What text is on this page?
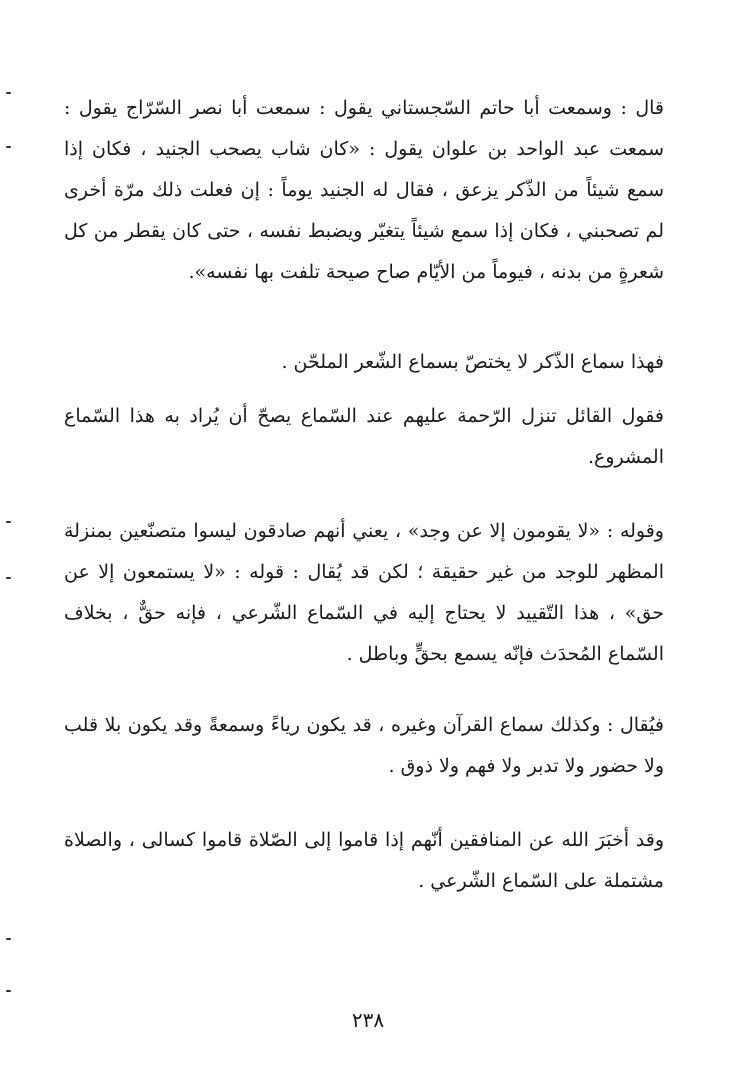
قال : وسمعت أبا حاتم السّجستاني يقول : سمعت أبا نصر السّرّاج يقول : سمعت عبد الواحد بن علوان يقول : «كان شاب يصحب الجنيد ، فكان إذا سمع شيئاً من الذّكر يزعق ، فقال له الجنيد يوماً : إن فعلت ذلك مرّة أخرى لم تصحبني ، فكان إذا سمع شيئاً يتغيّر ويضبط نفسه ، حتى كان يقطر من كل شعرةٍ من بدنه ، فيوماً من الأيّام صاح صيحة تلفت بها نفسه».

فهذا سماع الذّكر لا يختصّ بسماع الشّعر الملحّن .

فقول القائل تنزل الرّحمة عليهم عند السّماع يصحّ أن يُراد به هذا السّماع المشروع.

وقوله : «لا يقومون إلا عن وجد» ، يعني أنهم صادقون ليسوا متصنّعين بمنزلة المظهر للوجد من غير حقيقة ؛ لكن قد يُقال : قوله : «لا يستمعون إلا عن حق» ، هذا التّقييد لا يحتاج إليه في السّماع الشّرعي ، فإنه حقٌّ ، بخلاف السّماع المُحدَث فإنّه يسمع بحقٍّ وباطل .

فيُقال : وكذلك سماع القرآن وغيره ، قد يكون رياءً وسمعةً وقد يكون بلا قلب ولا حضور ولا تدبر ولا فهم ولا ذوق .

وقد أخبَرَ الله عن المنافقين أنّهم إذا قاموا إلى الصّلاة قاموا كسالى ، والصلاة مشتملة على السّماع الشّرعي .

٢٣٨
